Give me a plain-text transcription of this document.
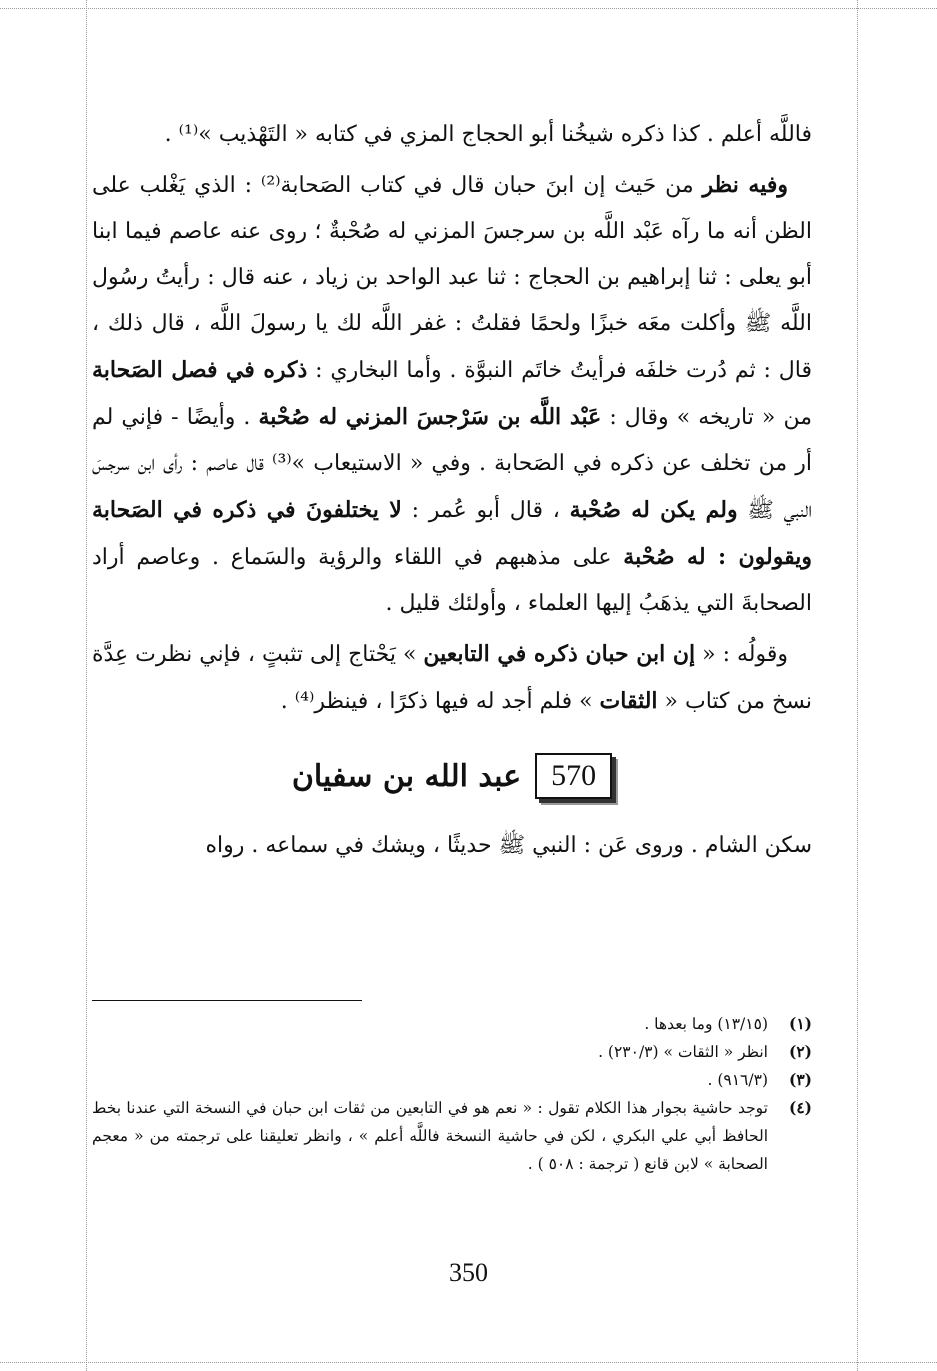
فاللَّه أعلم . كذا ذكره شيخُنا أبو الحجاج المزي في كتابه « التَهْذيب »⁽¹⁾ .

وفيه نظر من حَيث إن ابنَ حبان قال في كتاب الصَحابة⁽²⁾ : الذي يَغْلب على الظن أنه ما رآه عَبْد اللَّه بن سرجسَ المزني له صُحْبةٌ ؛ روى عنه عاصم فيما ابنا أبو يعلى : ثنا إبراهيم بن الحجاج : ثنا عبد الواحد بن زياد ، عنه قال : رأيتُ رسُول اللَّه ﷺ وأكلت معَه خبزًا ولحمًا فقلتُ : غفر اللَّه لك يا رسولَ اللَّه ، قال ذلك ، قال : ثم دُرت خلفَه فرأيتُ خاتَم النبوَّة . وأما البخاري : ذكره في فصل الصَحابة من « تاريخه » وقال : عَبْد اللَّه بن سَرْجسَ المزني له صُحْبة . وأيضًا - فإني لم أر من تخلف عن ذكره في الصَحابة . وفي « الاستيعاب »⁽³⁾ قال عاصم : رأى ابن سرجسَ النبي ﷺ ولم يكن له صُحْبة ، قال أبو عُمر : لا يختلفونَ في ذكره في الصَحابة ويقولون : له صُحْبة على مذهبهم في اللقاء والرؤية والسَماع . وعاصم أراد الصحابةَ التي يذهَبُ إليها العلماء ، وأولئك قليل .

وقولُه : « إن ابن حبان ذكره في التابعين » يَحْتاج إلى تثبتٍ ، فإني نظرت عِدَّة نسخ من كتاب « الثقات » فلم أجد له فيها ذكرًا ، فينظر⁽⁴⁾ .

570
عبد الله بن سفيان

سكن الشام . وروى عَن : النبي ﷺ حديثًا ، ويشك في سماعه . رواه

(١)
(١٣/١٥) وما بعدها .
(٢)
انظر « الثقات » (٢٣٠/٣) .
(٣)
(٩١٦/٣) .
(٤)
توجد حاشية بجوار هذا الكلام تقول : « نعم هو في التابعين من ثقات ابن حبان في النسخة التي عندنا بخط الحافظ أبي علي البكري ، لكن في حاشية النسخة فاللَّه أعلم » ، وانظر تعليقنا على ترجمته من « معجم الصحابة » لابن قانع ( ترجمة : ٥٠٨ ) .
350
